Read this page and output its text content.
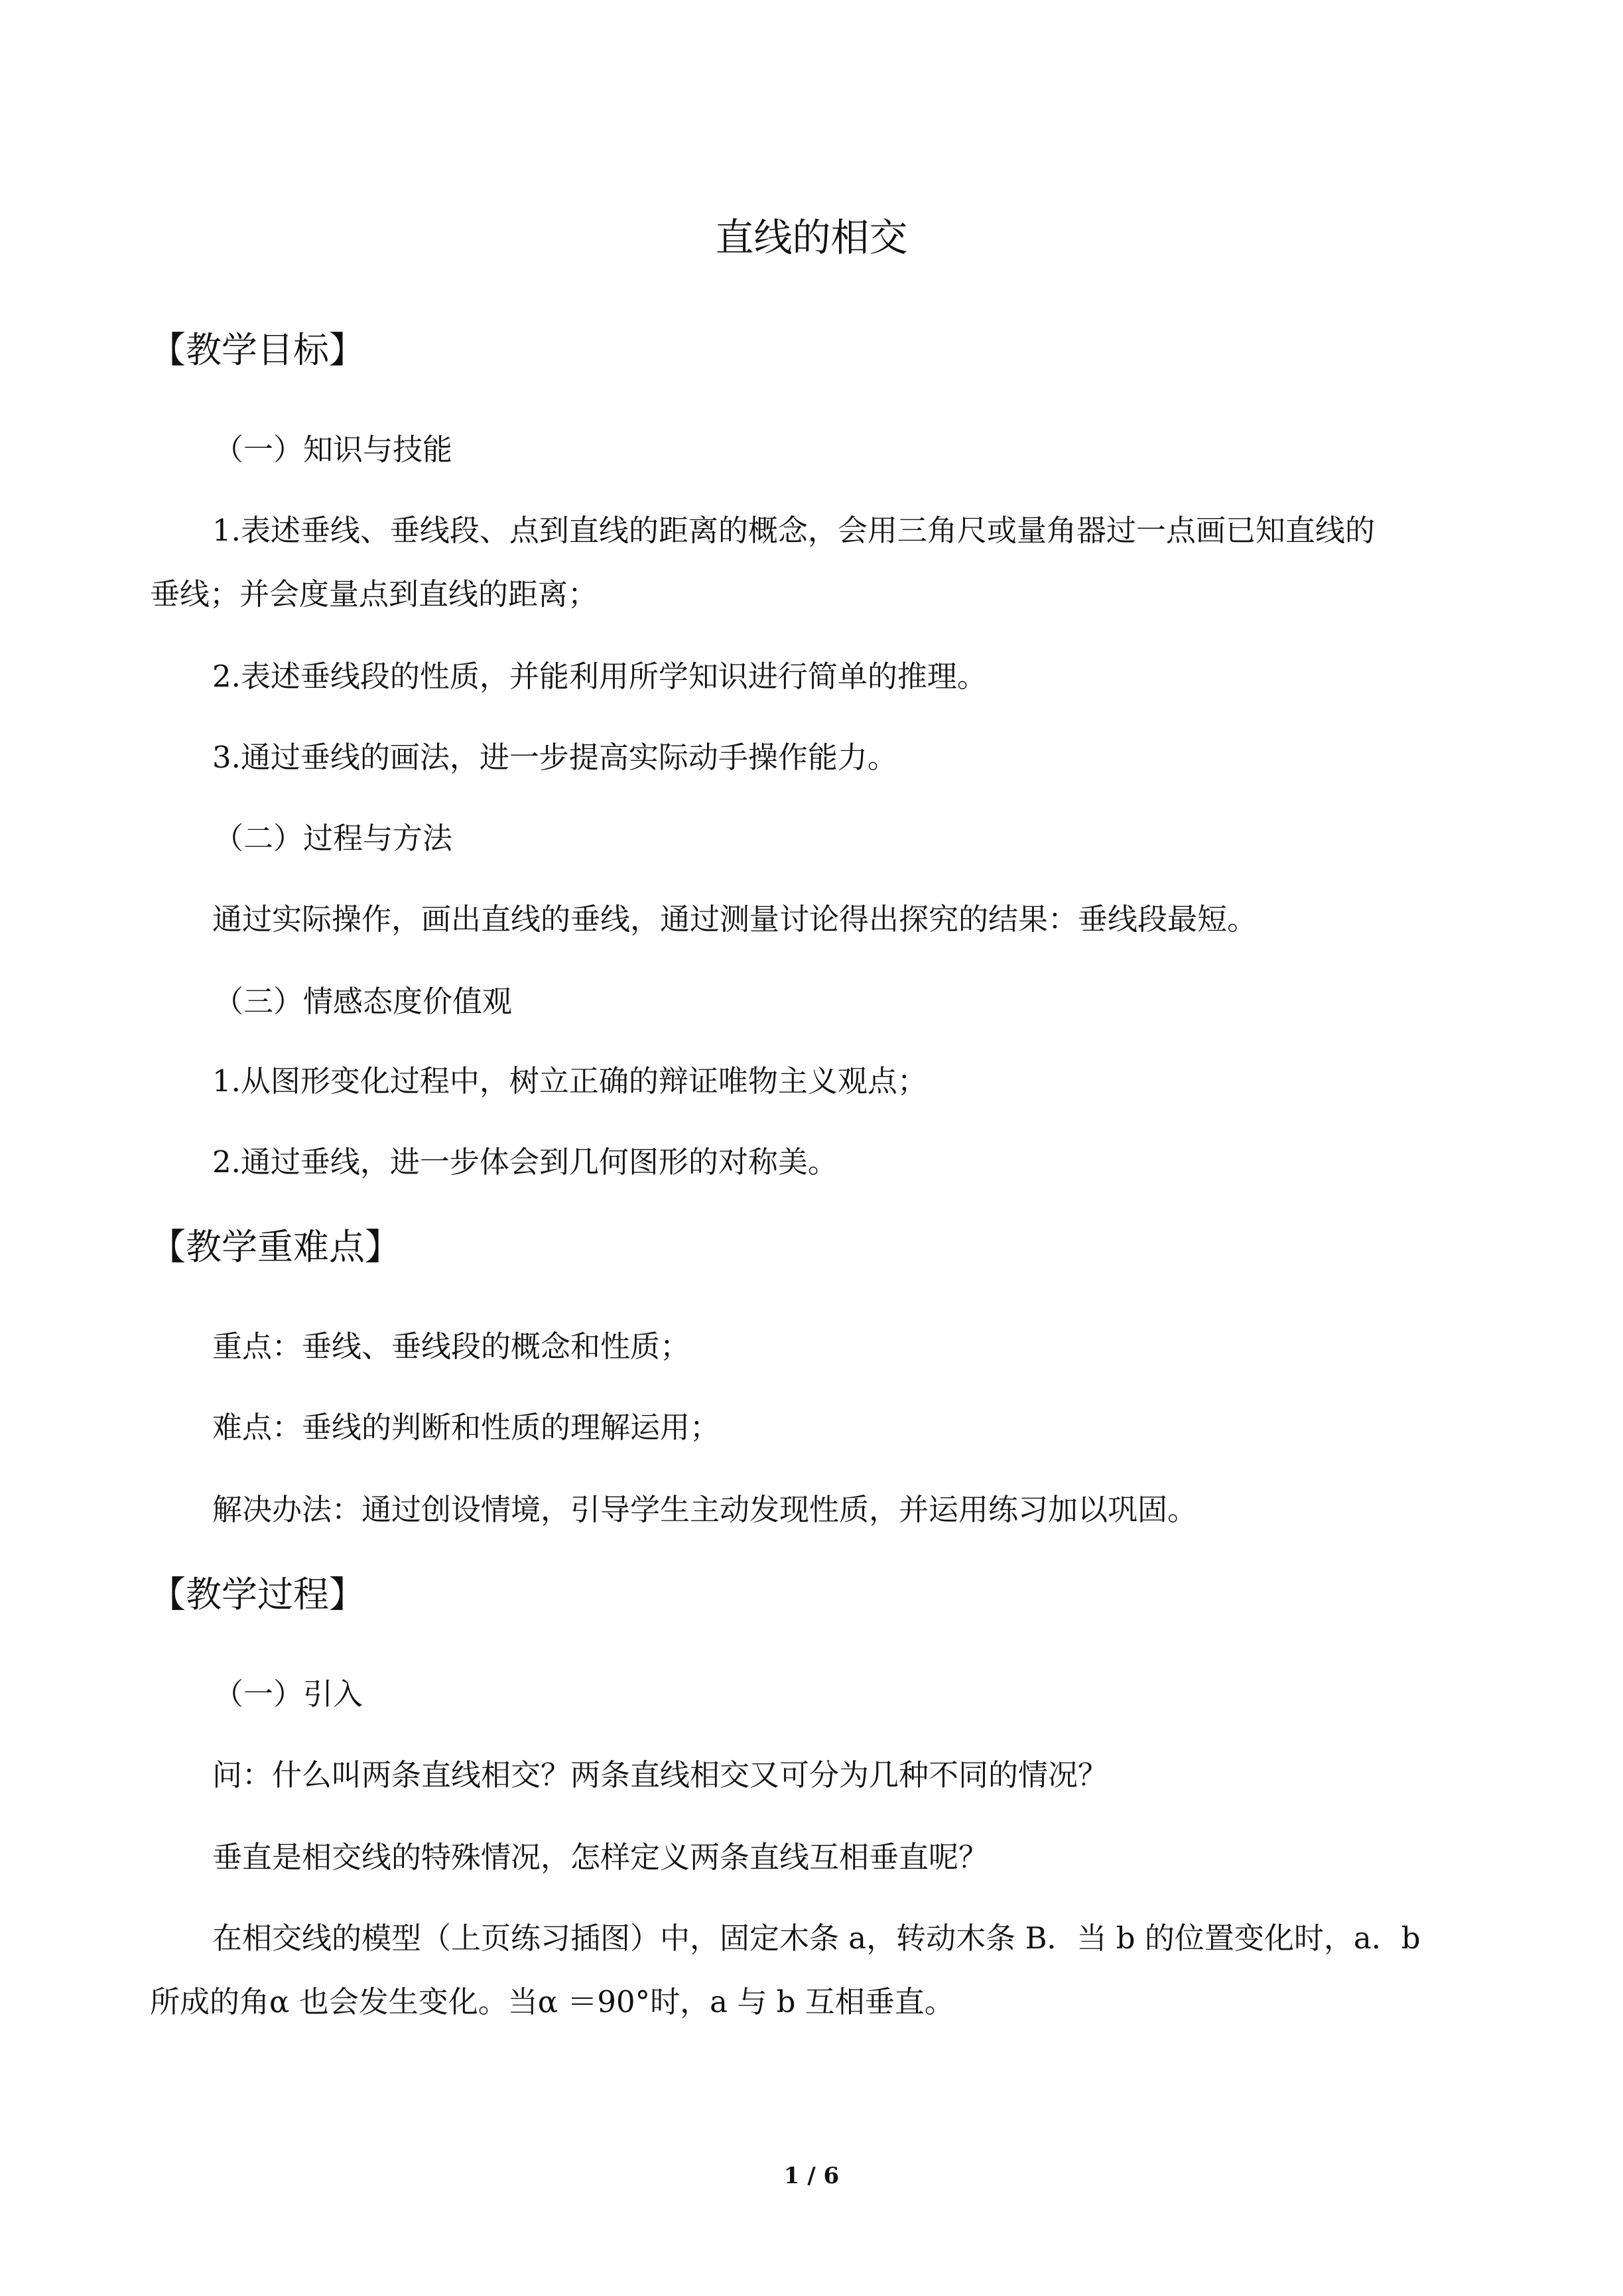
直线的相交
【教学目标】

（一）知识与技能

1.表述垂线、垂线段、点到直线的距离的概念，会用三角尺或量角器过一点画已知直线的

垂线；并会度量点到直线的距离；

2.表述垂线段的性质，并能利用所学知识进行简单的推理。

3.通过垂线的画法，进一步提高实际动手操作能力。

（二）过程与方法

通过实际操作，画出直线的垂线，通过测量讨论得出探究的结果：垂线段最短。

（三）情感态度价值观

1.从图形变化过程中，树立正确的辩证唯物主义观点；

2.通过垂线，进一步体会到几何图形的对称美。

【教学重难点】

重点：垂线、垂线段的概念和性质；

难点：垂线的判断和性质的理解运用；

解决办法：通过创设情境，引导学生主动发现性质，并运用练习加以巩固。

【教学过程】

（一）引入

问：什么叫两条直线相交？两条直线相交又可分为几种不同的情况？

垂直是相交线的特殊情况，怎样定义两条直线互相垂直呢？

在相交线的模型（上页练习插图）中，固定木条 a，转动木条 B．当 b 的位置变化时，a．b

所成的角α 也会发生变化。当α ＝90°时，a 与 b 互相垂直。

1 / 6
